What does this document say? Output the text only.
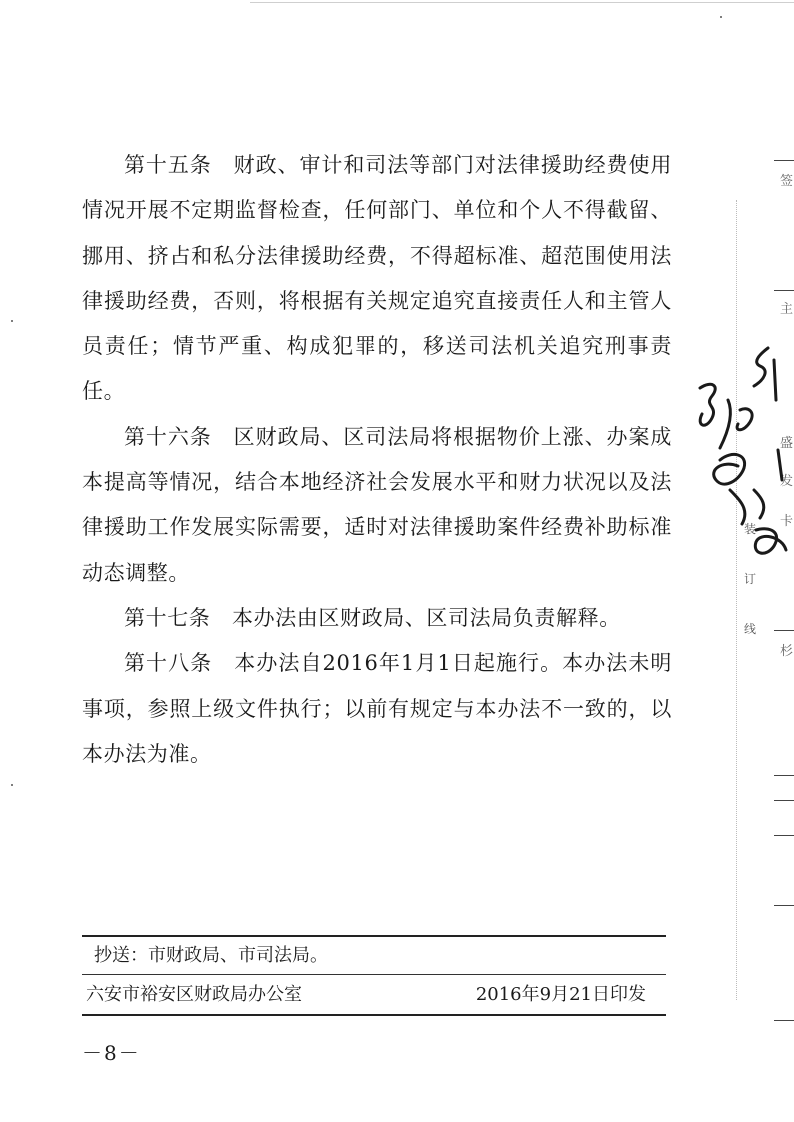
第十五条　财政、审计和司法等部门对法律援助经费使用情况开展不定期监督检查，任何部门、单位和个人不得截留、挪用、挤占和私分法律援助经费，不得超标准、超范围使用法律援助经费，否则，将根据有关规定追究直接责任人和主管人员责任；情节严重、构成犯罪的，移送司法机关追究刑事责任。

第十六条　区财政局、区司法局将根据物价上涨、办案成本提高等情况，结合本地经济社会发展水平和财力状况以及法律援助工作发展实际需要，适时对法律援助案件经费补助标准动态调整。

第十七条　本办法由区财政局、区司法局负责解释。

第十八条　本办法自2016年1月1日起施行。本办法未明事项，参照上级文件执行；以前有规定与本办法不一致的，以本办法为准。

抄送：市财政局、市司法局。
六安市裕安区财政局办公室	2016年9月21日印发
－8－
装
订
线
签
主
盛
发
卡
杉
